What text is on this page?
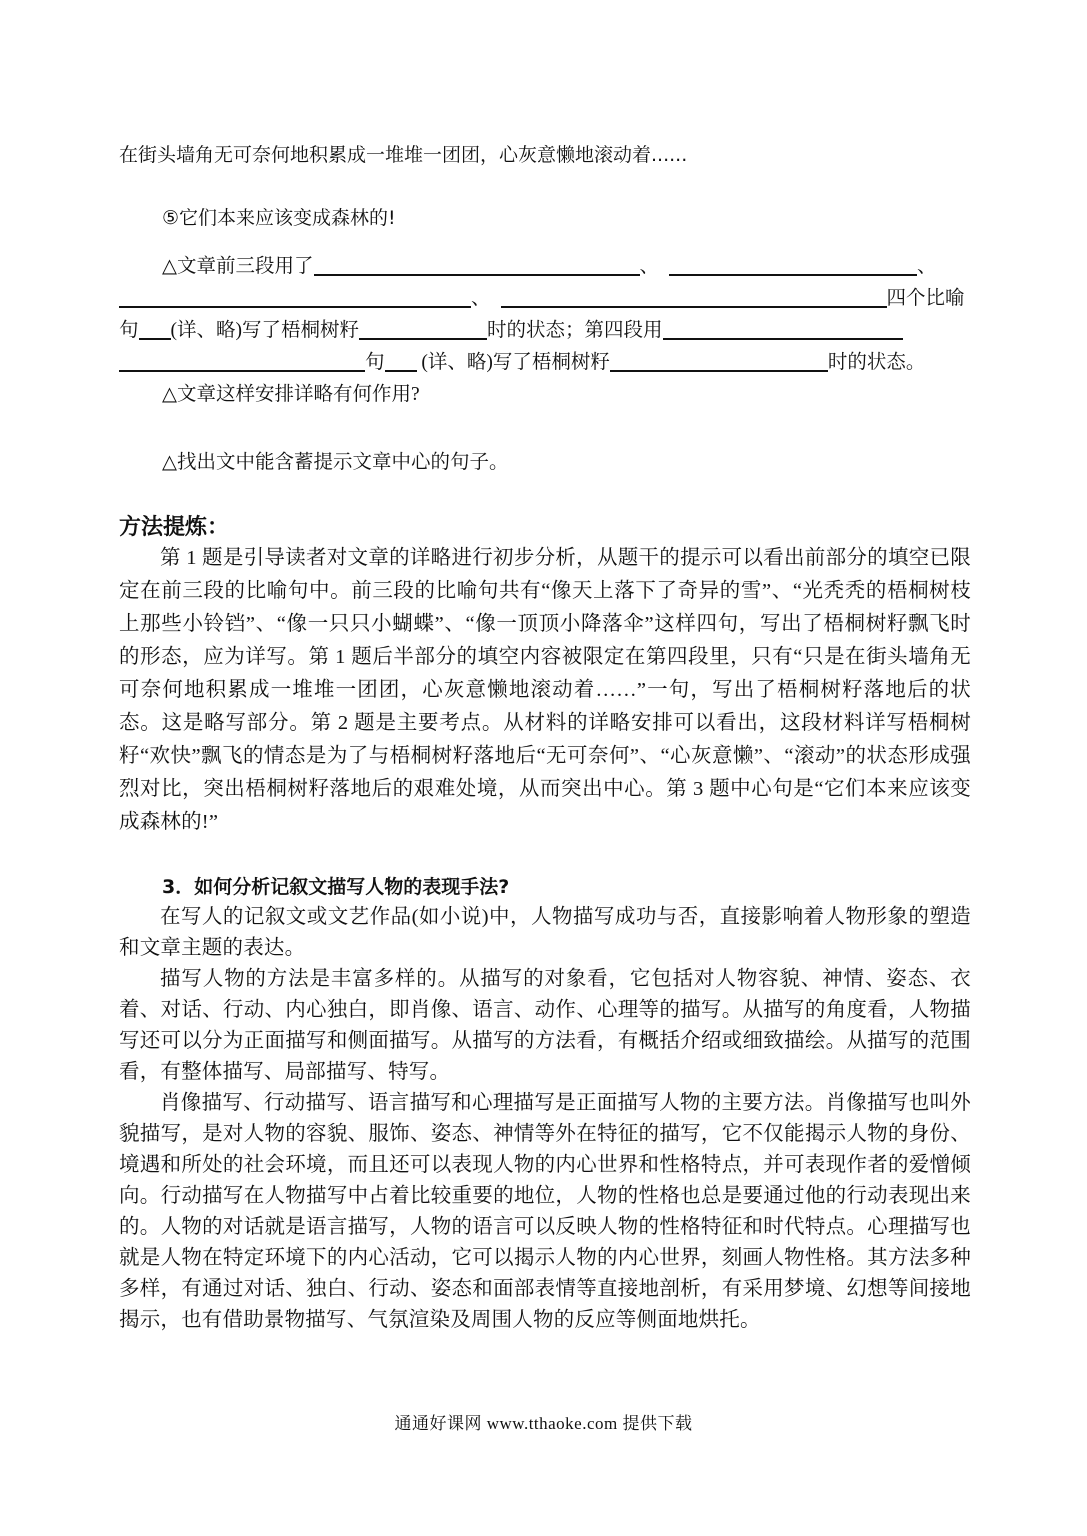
在街头墙角无可奈何地积累成一堆堆一团团，心灰意懒地滚动着......
⑤它们本来应该变成森林的!
△文章前三段用了	、	、
、	四个比喻
句 (详、略)写了梧桐树籽	时的状态；第四段用
句 (详、略)写了梧桐树籽	时的状态。
△文章这样安排详略有何作用?
△找出文中能含蓄提示文章中心的句子。
方法提炼：

第 1 题是引导读者对文章的详略进行初步分析，从题干的提示可以看出前部分的填空已限定在前三段的比喻句中。前三段的比喻句共有“像天上落下了奇异的雪”、“光秃秃的梧桐树枝上那些小铃铛”、“像一只只小蝴蝶”、“像一顶顶小降落伞”这样四句，写出了梧桐树籽飘飞时的形态，应为详写。第 1 题后半部分的填空内容被限定在第四段里，只有“只是在街头墙角无可奈何地积累成一堆堆一团团，心灰意懒地滚动着……”一句，写出了梧桐树籽落地后的状态。这是略写部分。第 2 题是主要考点。从材料的详略安排可以看出，这段材料详写梧桐树籽“欢快”飘飞的情态是为了与梧桐树籽落地后“无可奈何”、“心灰意懒”、“滚动”的状态形成强烈对比，突出梧桐树籽落地后的艰难处境，从而突出中心。第 3 题中心句是“它们本来应该变成森林的!”

3．如何分析记叙文描写人物的表现手法?

在写人的记叙文或文艺作品(如小说)中，人物描写成功与否，直接影响着人物形象的塑造和文章主题的表达。

描写人物的方法是丰富多样的。从描写的对象看，它包括对人物容貌、神情、姿态、衣着、对话、行动、内心独白，即肖像、语言、动作、心理等的描写。从描写的角度看，人物描写还可以分为正面描写和侧面描写。从描写的方法看，有概括介绍或细致描绘。从描写的范围看，有整体描写、局部描写、特写。

肖像描写、行动描写、语言描写和心理描写是正面描写人物的主要方法。肖像描写也叫外貌描写，是对人物的容貌、服饰、姿态、神情等外在特征的描写，它不仅能揭示人物的身份、境遇和所处的社会环境，而且还可以表现人物的内心世界和性格特点，并可表现作者的爱憎倾向。行动描写在人物描写中占着比较重要的地位，人物的性格也总是要通过他的行动表现出来的。人物的对话就是语言描写，人物的语言可以反映人物的性格特征和时代特点。心理描写也就是人物在特定环境下的内心活动，它可以揭示人物的内心世界，刻画人物性格。其方法多种多样，有通过对话、独白、行动、姿态和面部表情等直接地剖析，有采用梦境、幻想等间接地揭示，也有借助景物描写、气氛渲染及周围人物的反应等侧面地烘托。

通通好课网 www.tthaoke.com 提供下载
